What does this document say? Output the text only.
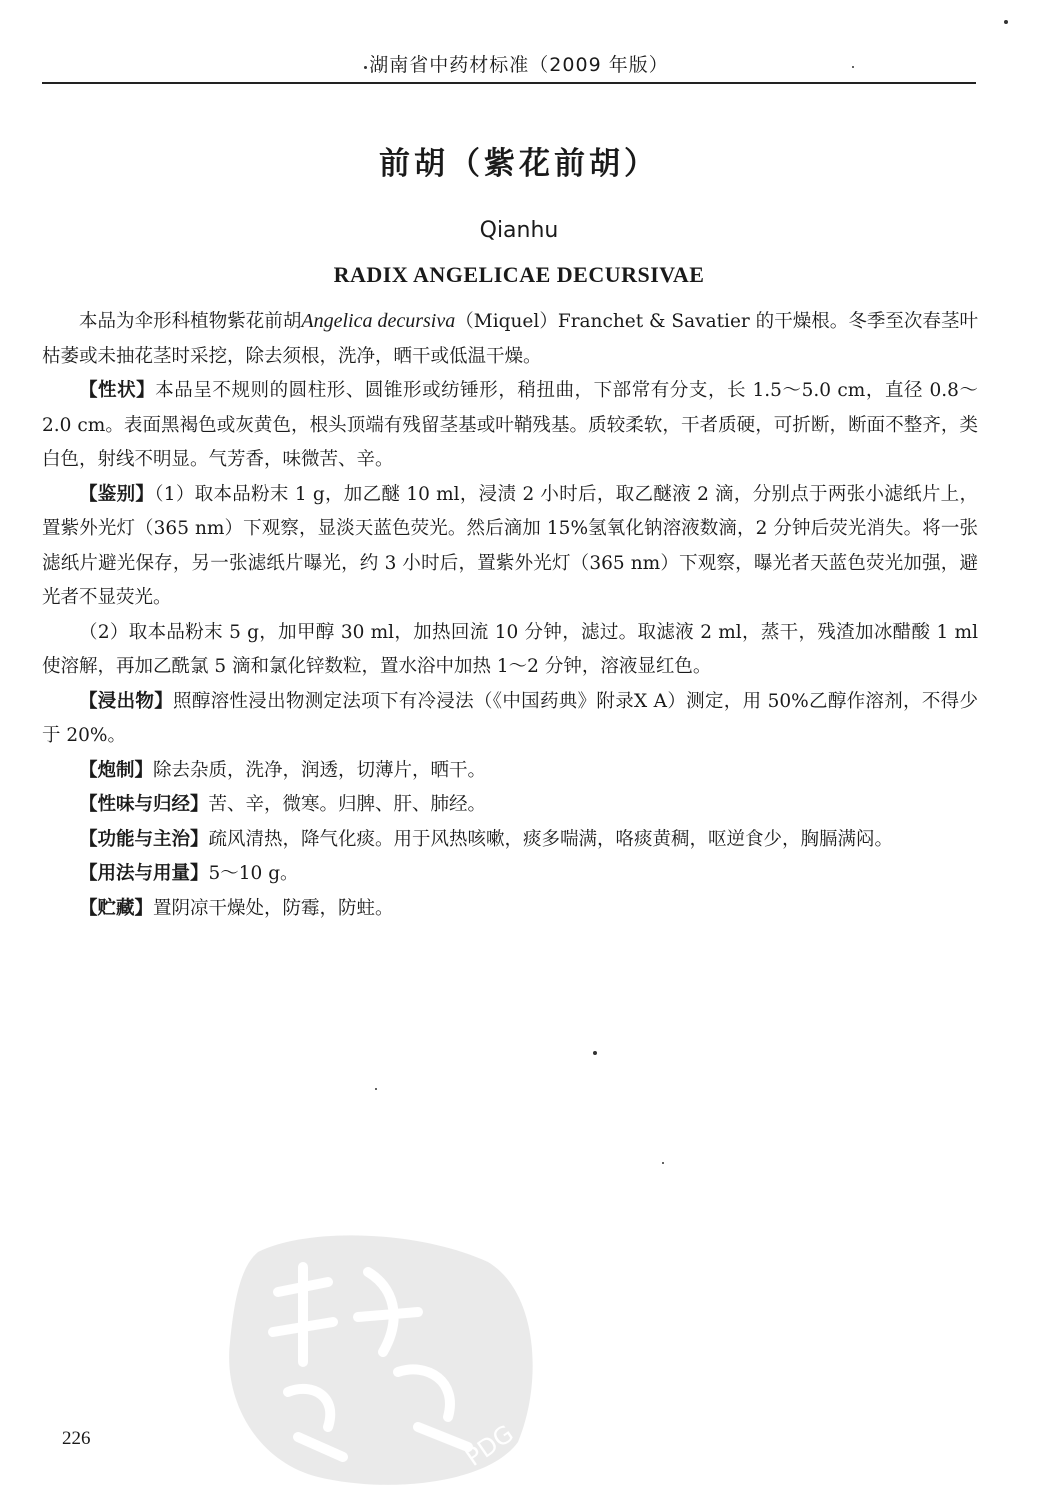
湖南省中药材标准（2009 年版）
前胡（紫花前胡）
Qianhu
RADIX ANGELICAE DECURSIVAE

本品为伞形科植物紫花前胡Angelica decursiva（Miquel）Franchet & Savatier 的干燥根。冬季至次春茎叶枯萎或未抽花茎时采挖，除去须根，洗净，晒干或低温干燥。

【性状】本品呈不规则的圆柱形、圆锥形或纺锤形，稍扭曲，下部常有分支，长 1.5～5.0 cm，直径 0.8～2.0 cm。表面黑褐色或灰黄色，根头顶端有残留茎基或叶鞘残基。质较柔软，干者质硬，可折断，断面不整齐，类白色，射线不明显。气芳香，味微苦、辛。

【鉴别】（1）取本品粉末 1 g，加乙醚 10 ml，浸渍 2 小时后，取乙醚液 2 滴，分别点于两张小滤纸片上，置紫外光灯（365 nm）下观察，显淡天蓝色荧光。然后滴加 15%氢氧化钠溶液数滴，2 分钟后荧光消失。将一张滤纸片避光保存，另一张滤纸片曝光，约 3 小时后，置紫外光灯（365 nm）下观察，曝光者天蓝色荧光加强，避光者不显荧光。

（2）取本品粉末 5 g，加甲醇 30 ml，加热回流 10 分钟，滤过。取滤液 2 ml，蒸干，残渣加冰醋酸 1 ml 使溶解，再加乙酰氯 5 滴和氯化锌数粒，置水浴中加热 1～2 分钟，溶液显红色。

【浸出物】照醇溶性浸出物测定法项下有冷浸法（《中国药典》附录Ⅹ A）测定，用 50%乙醇作溶剂，不得少于 20%。

【炮制】除去杂质，洗净，润透，切薄片，晒干。

【性味与归经】苦、辛，微寒。归脾、肝、肺经。

【功能与主治】疏风清热，降气化痰。用于风热咳嗽，痰多喘满，咯痰黄稠，呕逆食少，胸膈满闷。

【用法与用量】5～10 g。

【贮藏】置阴凉干燥处，防霉，防蛀。

PDG
226
